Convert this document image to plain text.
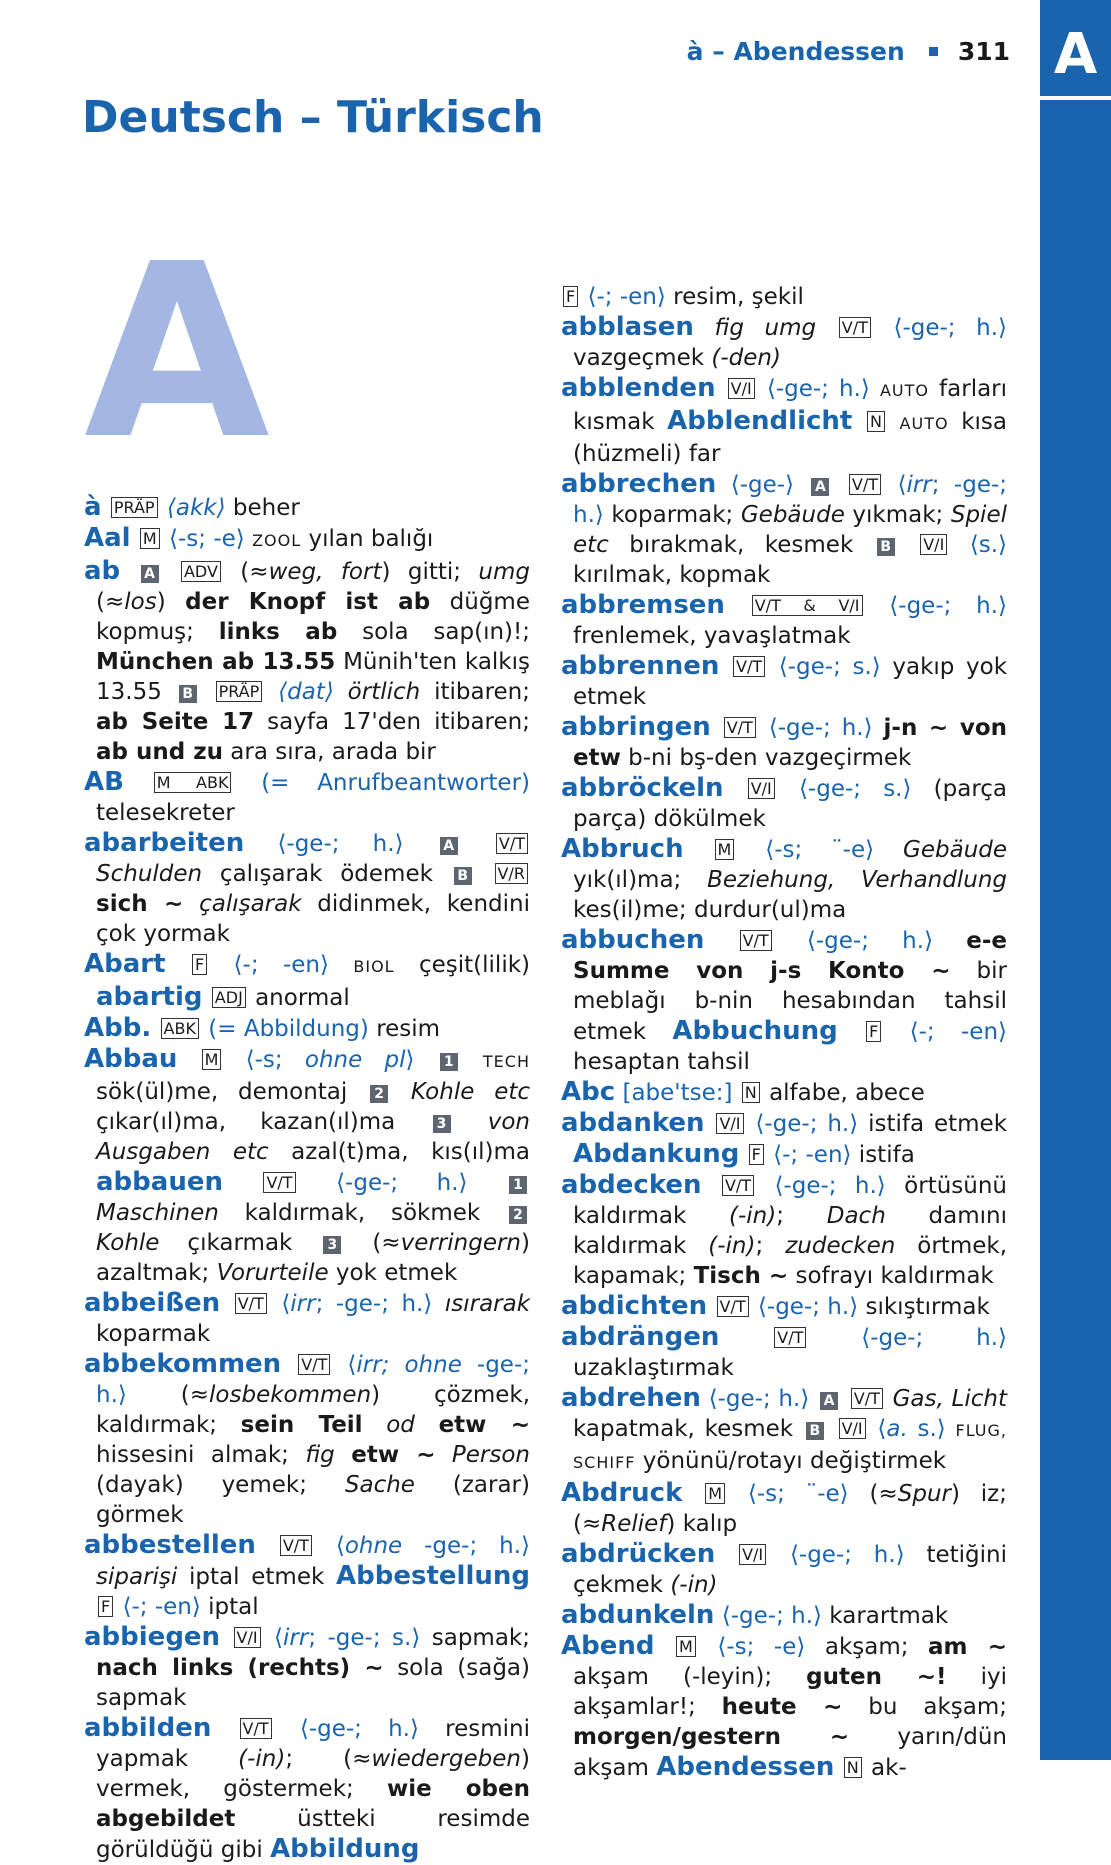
A
à – Abendessen 311
Deutsch – Türkisch
A

à PRÄP ⟨akk⟩ beher

Aal M ⟨-s; -e⟩ ZOOL yılan balığı

ab A ADV (≈weg, fort) gitti; umg (≈los) der Knopf ist ab düğme kopmuş; links ab sola sap(ın)!; München ab 13.55 Münih'ten kalkış 13.55 B PRÄP ⟨dat⟩ örtlich itibaren; ab Seite 17 sayfa 17'den itibaren; ab und zu ara sıra, arada bir

AB M ABK (= Anrufbeantworter) telesekreter

abarbeiten ⟨-ge-; h.⟩	A	V/T Schulden çalışarak ödemek B V/R sich ~ çalışarak didinmek, kendini çok yormak

Abart F ⟨-; -en⟩ BIOL çeşit(lilik) abartig ADJ anormal

Abb. ABK (= Abbildung) resim

Abbau M ⟨-s; ohne pl⟩ 1 TECH sök(ül)me, demontaj 2 Kohle etc çıkar(ıl)ma, kazan(ıl)ma 3 von Ausgaben etc azal(t)ma, kıs(ıl)ma abbauen	V/T ⟨-ge-; h.⟩	1 Maschinen kaldırmak, sökmek 2 Kohle çıkarmak 3 (≈verringern) azaltmak; Vorurteile yok etmek

abbeißen V/T ⟨irr; -ge-; h.⟩ ısırarak koparmak

abbekommen V/T ⟨irr; ohne -ge-; h.⟩ (≈losbekommen) çözmek, kaldırmak; sein Teil od etw ~ hissesini almak; fig etw ~ Person (dayak) yemek; Sache (zarar) görmek

abbestellen V/T ⟨ohne -ge-; h.⟩ siparişi iptal etmek Abbestellung F ⟨-; -en⟩ iptal

abbiegen V/I ⟨irr; -ge-; s.⟩ sapmak; nach links (rechts) ~ sola (sağa) sapmak

abbilden V/T ⟨-ge-; h.⟩ resmini yapmak (-in); (≈wiedergeben) vermek, göstermek; wie oben abgebildet üstteki resimde görüldüğü gibi Abbildung

F ⟨-; -en⟩ resim, şekil

abblasen fig umg V/T ⟨-ge-; h.⟩ vazgeçmek (-den)

abblenden V/I ⟨-ge-; h.⟩ AUTO farları kısmak Abblendlicht N AUTO kısa (hüzmeli) far

abbrechen ⟨-ge-⟩ A V/T ⟨irr; -ge-; h.⟩ koparmak; Gebäude yıkmak; Spiel etc bırakmak, kesmek B V/I ⟨s.⟩ kırılmak, kopmak

abbremsen V/T & V/I ⟨-ge-; h.⟩ frenlemek, yavaşlatmak

abbrennen V/T ⟨-ge-; s.⟩ yakıp yok etmek

abbringen V/T ⟨-ge-; h.⟩ j-n ~ von etw b-ni bş-den vazgeçirmek

abbröckeln V/I ⟨-ge-; s.⟩ (parça parça) dökülmek

Abbruch M ⟨-s; ¨-e⟩ Gebäude yık(ıl)ma; Beziehung, Verhandlung kes(il)me; durdur(ul)ma

abbuchen V/T ⟨-ge-; h.⟩ e-e Summe von j-s Konto ~ bir meblağı b-nin hesabından tahsil etmek Abbuchung F ⟨-; -en⟩ hesaptan tahsil

Abc [abe'tse:] N alfabe, abece

abdanken V/I ⟨-ge-; h.⟩ istifa etmek Abdankung F ⟨-; -en⟩ istifa

abdecken V/T ⟨-ge-; h.⟩ örtüsünü kaldırmak (-in); Dach damını kaldırmak (-in); zudecken örtmek, kapamak; Tisch ~ sofrayı kaldırmak

abdichten V/T ⟨-ge-; h.⟩ sıkıştırmak

abdrängen	V/T	⟨-ge-; h.⟩ uzaklaştırmak

abdrehen ⟨-ge-; h.⟩ A V/T Gas, Licht kapatmak, kesmek B V/I ⟨a. s.⟩ FLUG, SCHIFF yönünü/rotayı değiştirmek

Abdruck M ⟨-s; ¨-e⟩ (≈Spur) iz; (≈Relief) kalıp

abdrücken V/I ⟨-ge-; h.⟩ tetiğini çekmek (-in)

abdunkeln ⟨-ge-; h.⟩ karartmak

Abend M ⟨-s; -e⟩ akşam; am ~ akşam (-leyin); guten ~! iyi akşamlar!; heute ~ bu akşam; morgen/gestern ~ yarın/dün akşam Abendessen N ak-
